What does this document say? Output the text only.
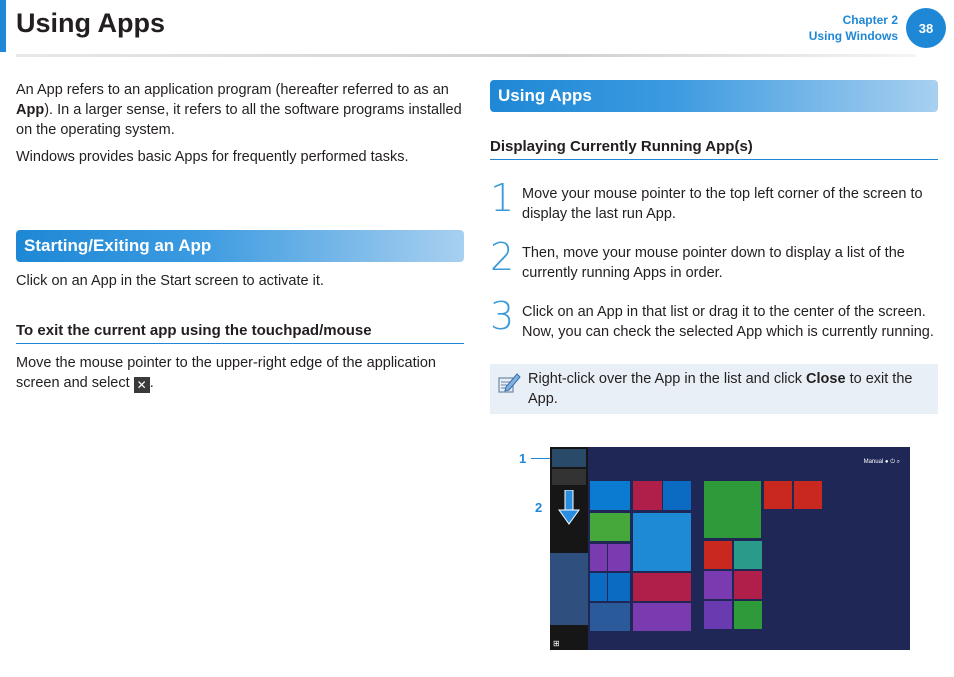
Using Apps	Chapter 2
Using Windows
38

An App refers to an application program (hereafter referred to as an App). In a larger sense, it refers to all the software programs installed on the operating system.

Windows provides basic Apps for frequently performed tasks.

Starting/Exiting an App

Click on an App in the Start screen to activate it.

To exit the current app using the touchpad/mouse

Move the mouse pointer to the upper-right edge of the application screen and select ✕ .

Using Apps
Displaying Currently Running App(s)
1 Move your mouse pointer to the top left corner of the screen to display the last run App.
2 Then, move your mouse pointer down to display a list of the currently running Apps in order.
3 Click on an App in that list or drag it to the center of the screen. Now, you can check the selected App which is currently running.
Right-click over the App in the list and click Close to exit the App.
1
2
⊞
Manual ● ⏻ ⌕
